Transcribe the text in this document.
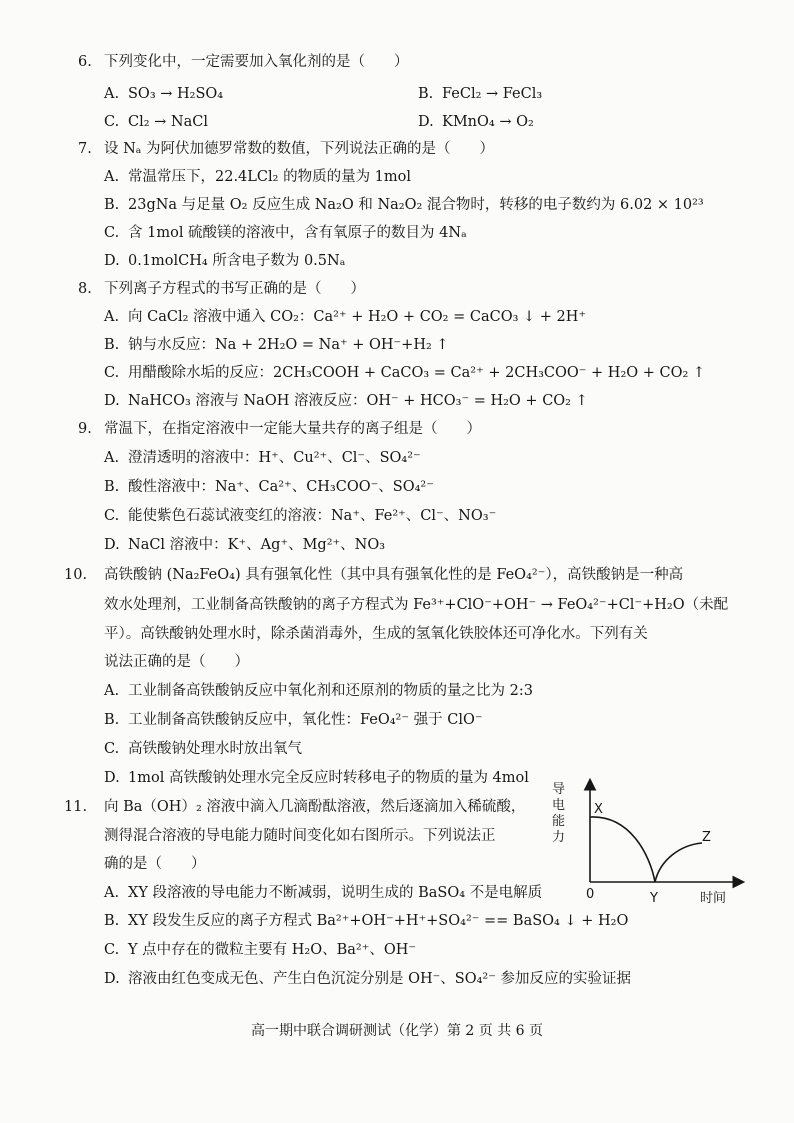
6. 下列变化中，一定需要加入氧化剂的是（　　）
A. SO₃ → H₂SO₄	B. FeCl₂ → FeCl₃
C. Cl₂ → NaCl	D. KMnO₄ → O₂
7. 设 Nₐ 为阿伏加德罗常数的数值，下列说法正确的是（　　）
A. 常温常压下，22.4LCl₂ 的物质的量为 1mol
B. 23gNa 与足量 O₂ 反应生成 Na₂O 和 Na₂O₂ 混合物时，转移的电子数约为 6.02 × 10²³
C. 含 1mol 硫酸镁的溶液中，含有氧原子的数目为 4Nₐ
D. 0.1molCH₄ 所含电子数为 0.5Nₐ
8. 下列离子方程式的书写正确的是（　　）
A. 向 CaCl₂ 溶液中通入 CO₂：Ca²⁺ + H₂O + CO₂ = CaCO₃ ↓ + 2H⁺
B. 钠与水反应：Na + 2H₂O = Na⁺ + OH⁻+H₂ ↑
C. 用醋酸除水垢的反应：2CH₃COOH + CaCO₃ = Ca²⁺ + 2CH₃COO⁻ + H₂O + CO₂ ↑
D. NaHCO₃ 溶液与 NaOH 溶液反应：OH⁻ + HCO₃⁻ = H₂O + CO₂ ↑
9. 常温下，在指定溶液中一定能大量共存的离子组是（　　）
A. 澄清透明的溶液中：H⁺、Cu²⁺、Cl⁻、SO₄²⁻
B. 酸性溶液中：Na⁺、Ca²⁺、CH₃COO⁻、SO₄²⁻
C. 能使紫色石蕊试液变红的溶液：Na⁺、Fe²⁺、Cl⁻、NO₃⁻
D. NaCl 溶液中：K⁺、Ag⁺、Mg²⁺、NO₃
10. 高铁酸钠 (Na₂FeO₄) 具有强氧化性（其中具有强氧化性的是 FeO₄²⁻），高铁酸钠是一种高
效水处理剂，工业制备高铁酸钠的离子方程式为 Fe³⁺+ClO⁻+OH⁻ → FeO₄²⁻+Cl⁻+H₂O（未配
平）。高铁酸钠处理水时，除杀菌消毒外，生成的氢氧化铁胶体还可净化水。下列有关
说法正确的是（　　）
A. 工业制备高铁酸钠反应中氧化剂和还原剂的物质的量之比为 2:3
B. 工业制备高铁酸钠反应中，氧化性：FeO₄²⁻ 强于 ClO⁻
C. 高铁酸钠处理水时放出氧气
D. 1mol 高铁酸钠处理水完全反应时转移电子的物质的量为 4mol
11. 向 Ba（OH）₂ 溶液中滴入几滴酚酞溶液，然后逐滴加入稀硫酸，
测得混合溶液的导电能力随时间变化如右图所示。下列说法正
确的是（　　）
A. XY 段溶液的导电能力不断减弱，说明生成的 BaSO₄ 不是电解质
B. XY 段发生反应的离子方程式 Ba²⁺+OH⁻+H⁺+SO₄²⁻ == BaSO₄ ↓ + H₂O
C. Y 点中存在的微粒主要有 H₂O、Ba²⁺、OH⁻
D. 溶液由红色变成无色、产生白色沉淀分别是 OH⁻、SO₄²⁻ 参加反应的实验证据
导
电
能
力
X
Y
Z
0	时间
高一期中联合调研测试（化学）第 2 页 共 6 页
